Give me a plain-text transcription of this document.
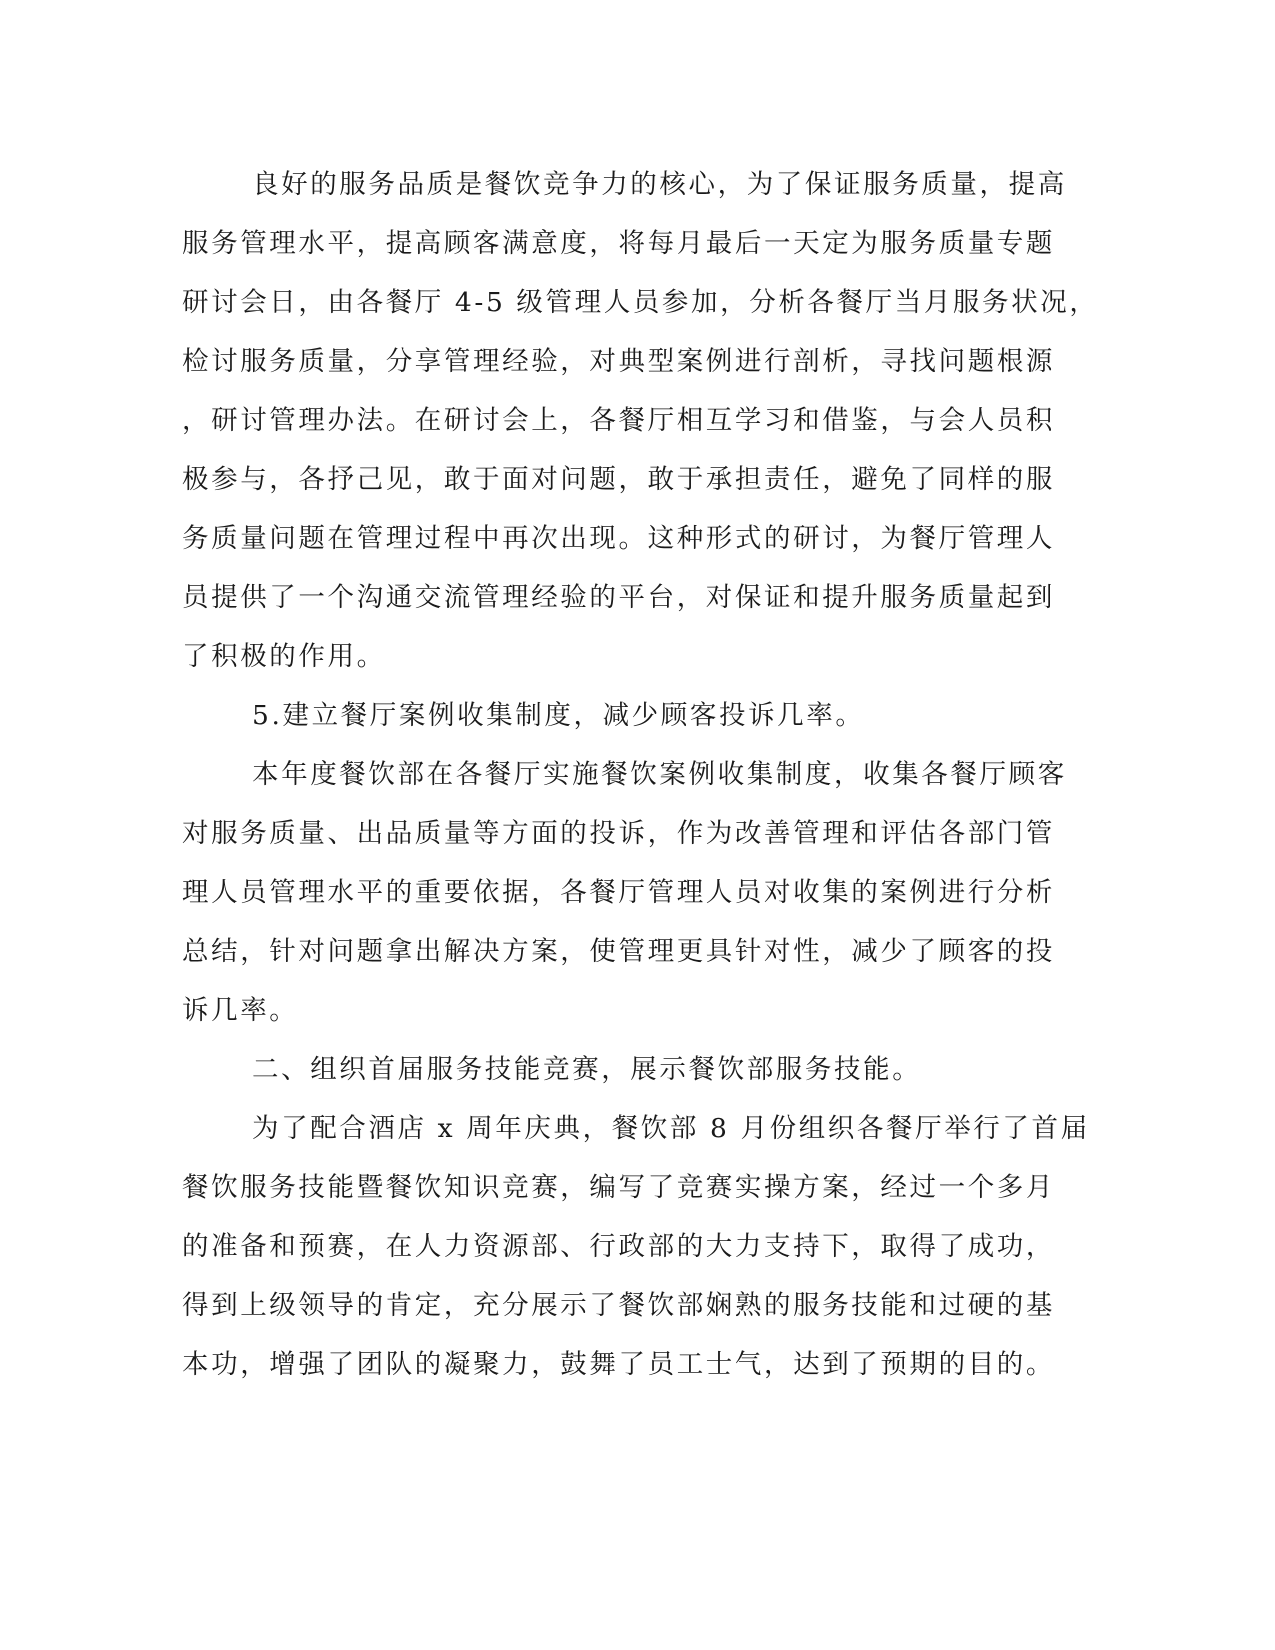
良好的服务品质是餐饮竞争力的核心，为了保证服务质量，提高
服务管理水平，提高顾客满意度，将每月最后一天定为服务质量专题
研讨会日，由各餐厅 4-5 级管理人员参加，分析各餐厅当月服务状况，
检讨服务质量，分享管理经验，对典型案例进行剖析，寻找问题根源
，研讨管理办法。在研讨会上，各餐厅相互学习和借鉴，与会人员积
极参与，各抒己见，敢于面对问题，敢于承担责任，避免了同样的服
务质量问题在管理过程中再次出现。这种形式的研讨，为餐厅管理人
员提供了一个沟通交流管理经验的平台，对保证和提升服务质量起到
了积极的作用。
5.建立餐厅案例收集制度，减少顾客投诉几率。
本年度餐饮部在各餐厅实施餐饮案例收集制度，收集各餐厅顾客
对服务质量、出品质量等方面的投诉，作为改善管理和评估各部门管
理人员管理水平的重要依据，各餐厅管理人员对收集的案例进行分析
总结，针对问题拿出解决方案，使管理更具针对性，减少了顾客的投
诉几率。
二、组织首届服务技能竞赛，展示餐饮部服务技能。
为了配合酒店 x 周年庆典，餐饮部 8 月份组织各餐厅举行了首届
餐饮服务技能暨餐饮知识竞赛，编写了竞赛实操方案，经过一个多月
的准备和预赛，在人力资源部、行政部的大力支持下，取得了成功，
得到上级领导的肯定，充分展示了餐饮部娴熟的服务技能和过硬的基
本功，增强了团队的凝聚力，鼓舞了员工士气，达到了预期的目的。
